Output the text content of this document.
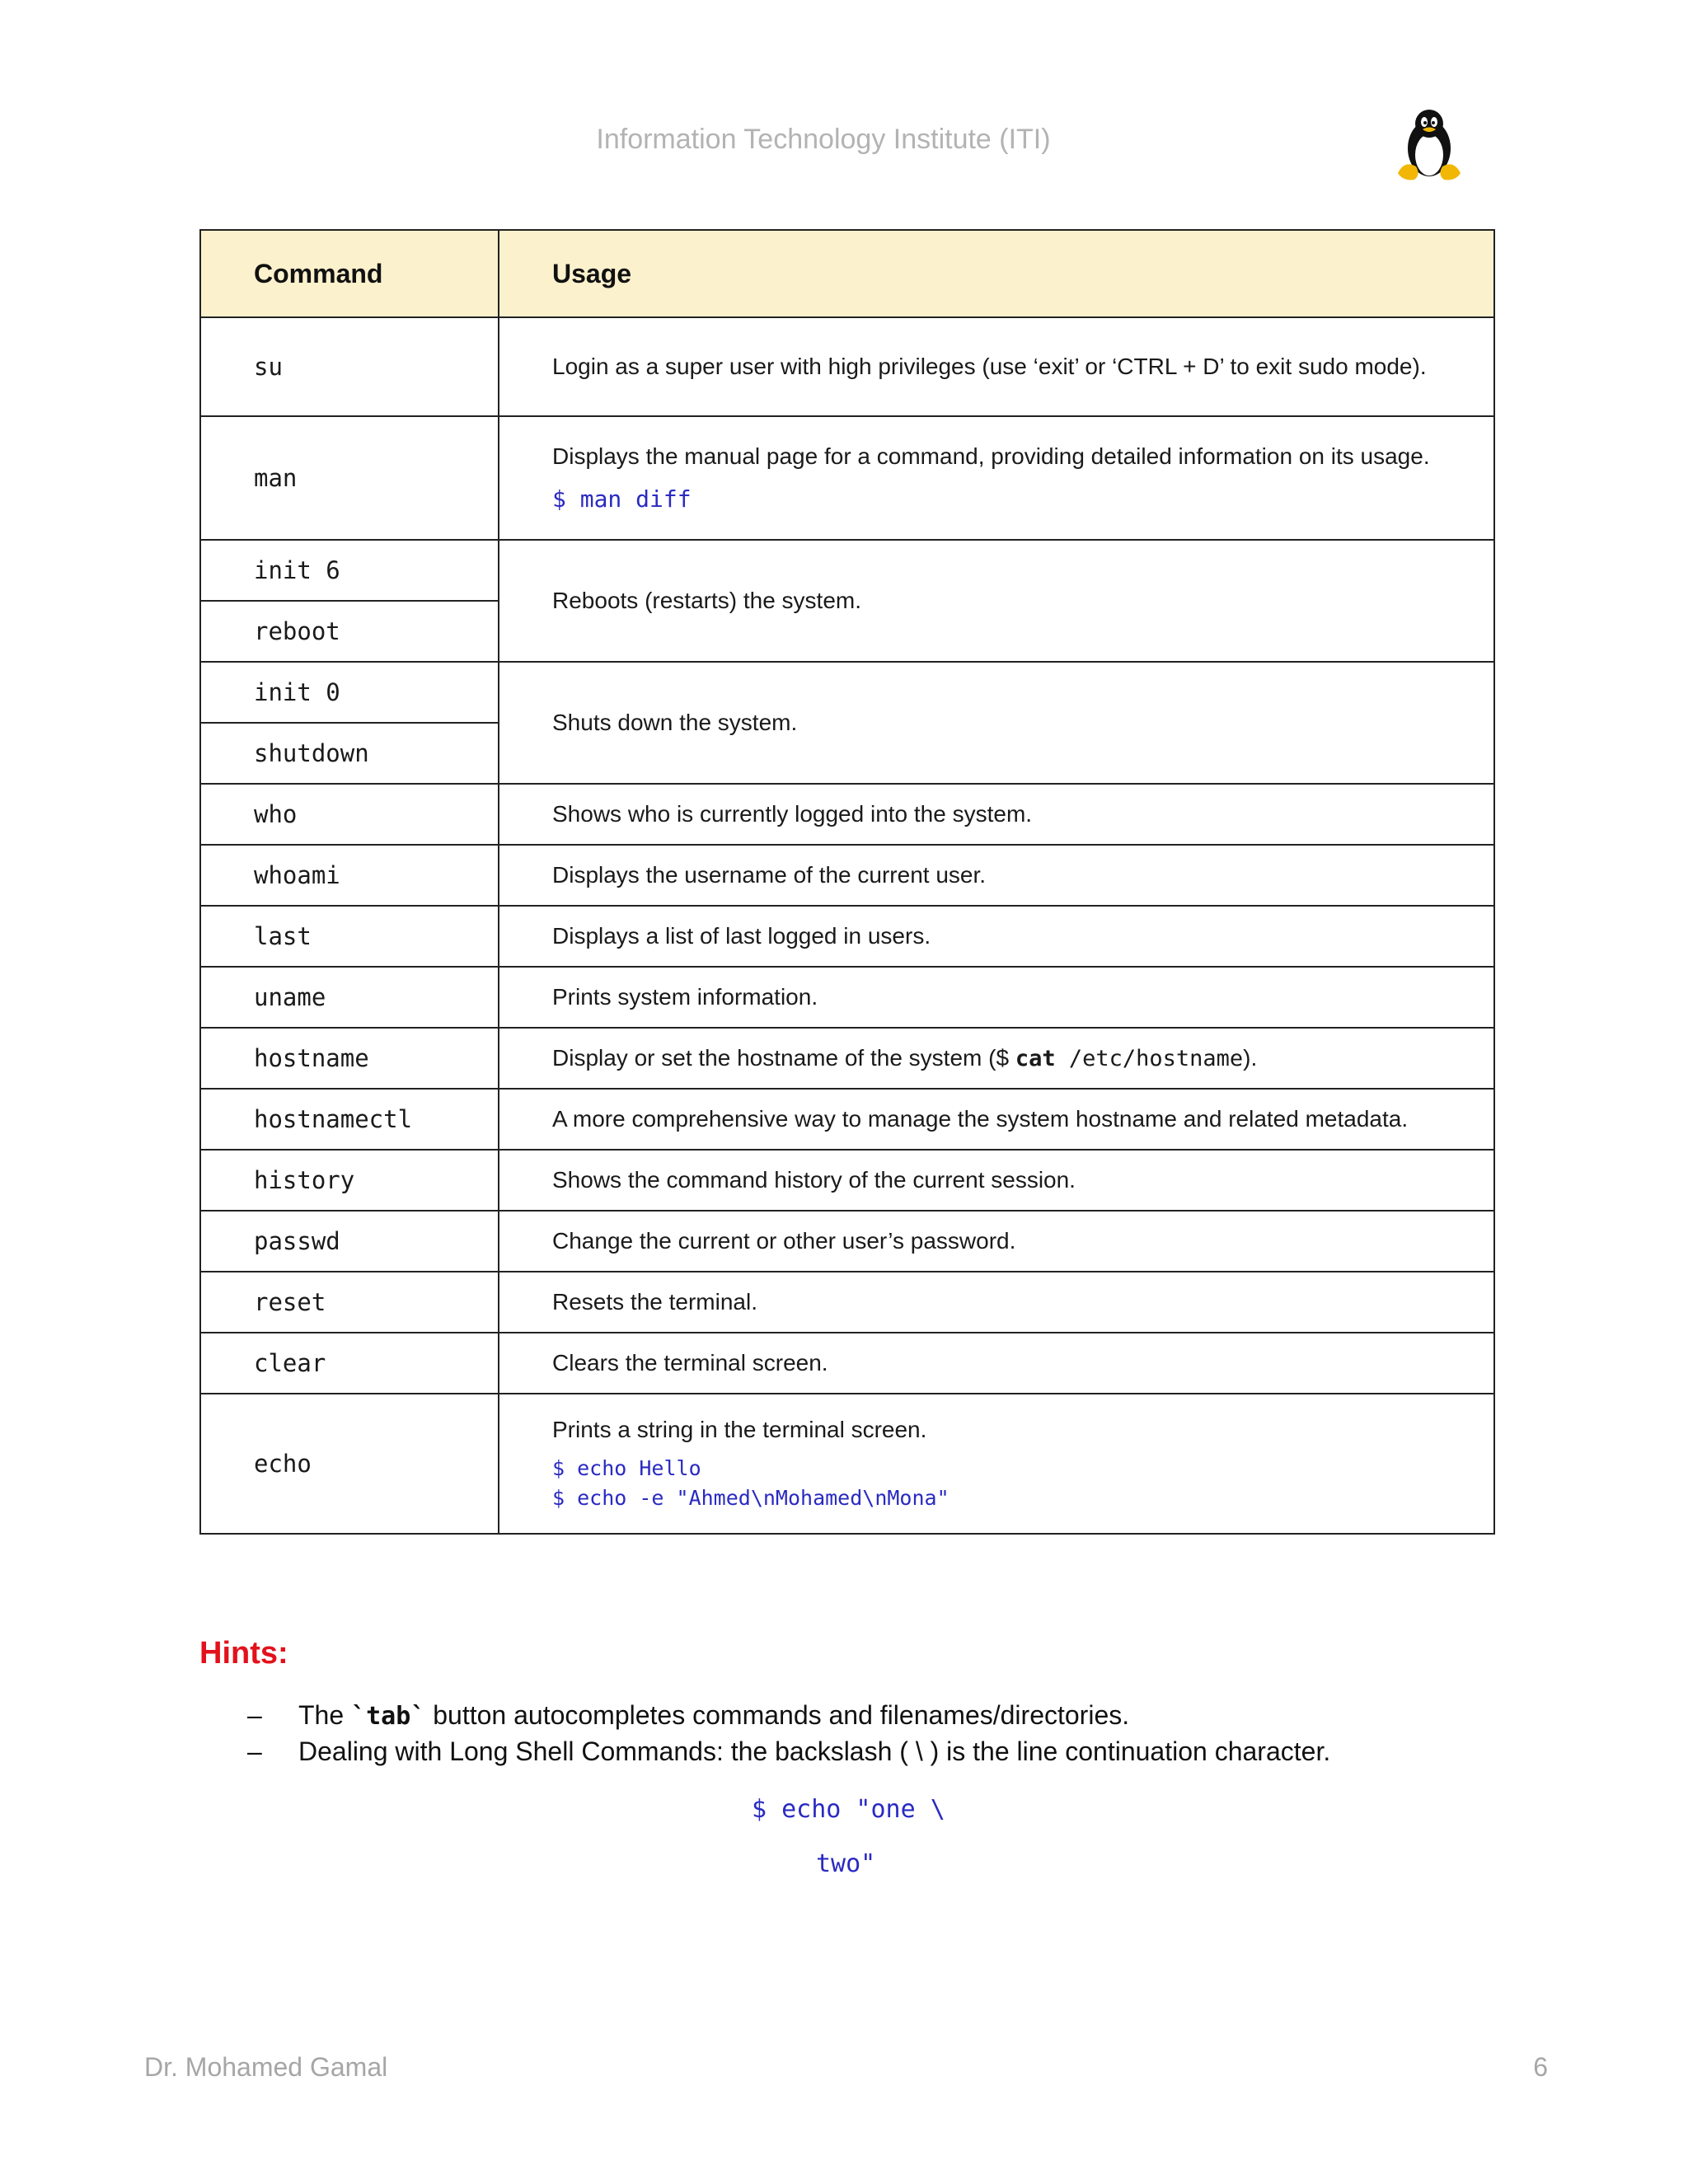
Information Technology Institute (ITI)
Command	Usage
su	Login as a super user with high privileges (use ‘exit’ or ‘CTRL + D’ to exit sudo mode).
man	Displays the manual page for a command, providing detailed information on its usage.
$ man diff

init 6	Reboots (restarts) the system.
reboot	
init 0	Shuts down the system.
shutdown	
who	Shows who is currently logged into the system.
whoami	Displays the username of the current user.
last	Displays a list of last logged in users.
uname	Prints system information.
hostname	Display or set the hostname of the system ($ cat /etc/hostname).
hostnamectl	A more comprehensive way to manage the system hostname and related metadata.
history	Shows the command history of the current session.
passwd	Change the current or other user’s password.
reset	Resets the terminal.
clear	Clears the terminal screen.
echo	Prints a string in the terminal screen.
$ echo Hello
$ echo -e "Ahmed\nMohamed\nMona"
Hints:
– The `tab` button autocompletes commands and filenames/directories.
– Dealing with Long Shell Commands: the backslash ( \ ) is the line continuation character.
$ echo "one \
two"
Dr. Mohamed Gamal	6
